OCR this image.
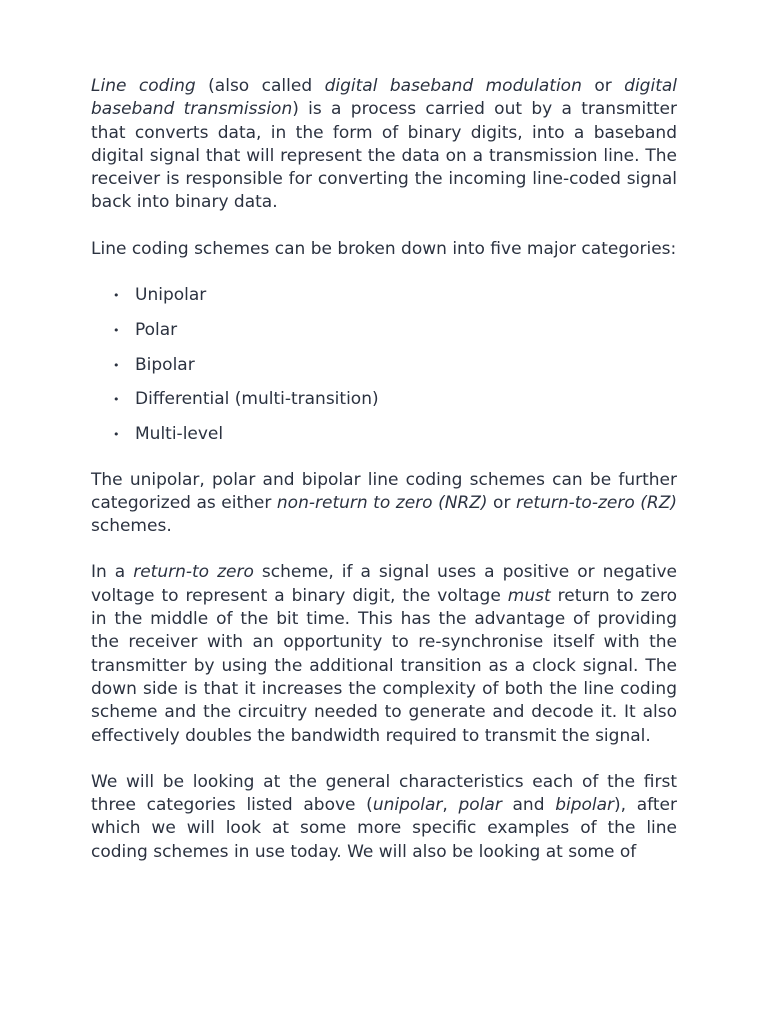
Line coding (also called digital baseband modulation or digital baseband transmission) is a process carried out by a transmitter that converts data, in the form of binary digits, into a baseband digital signal that will represent the data on a transmission line. The receiver is responsible for converting the incoming line-coded signal back into binary data.

Line coding schemes can be broken down into five major categories:

• Unipolar
• Polar
• Bipolar
• Differential (multi-transition)
• Multi-level

The unipolar, polar and bipolar line coding schemes can be further categorized as either non-return to zero (NRZ) or return-to-zero (RZ) schemes.

In a return-to zero scheme, if a signal uses a positive or negative voltage to represent a binary digit, the voltage must return to zero in the middle of the bit time. This has the advantage of providing the receiver with an opportunity to re-synchronise itself with the transmitter by using the additional transition as a clock signal. The down side is that it increases the complexity of both the line coding scheme and the circuitry needed to generate and decode it. It also effectively doubles the bandwidth required to transmit the signal.

We will be looking at the general characteristics each of the first three categories listed above (unipolar, polar and bipolar), after which we will look at some more specific examples of the line coding schemes in use today. We will also be looking at some of
